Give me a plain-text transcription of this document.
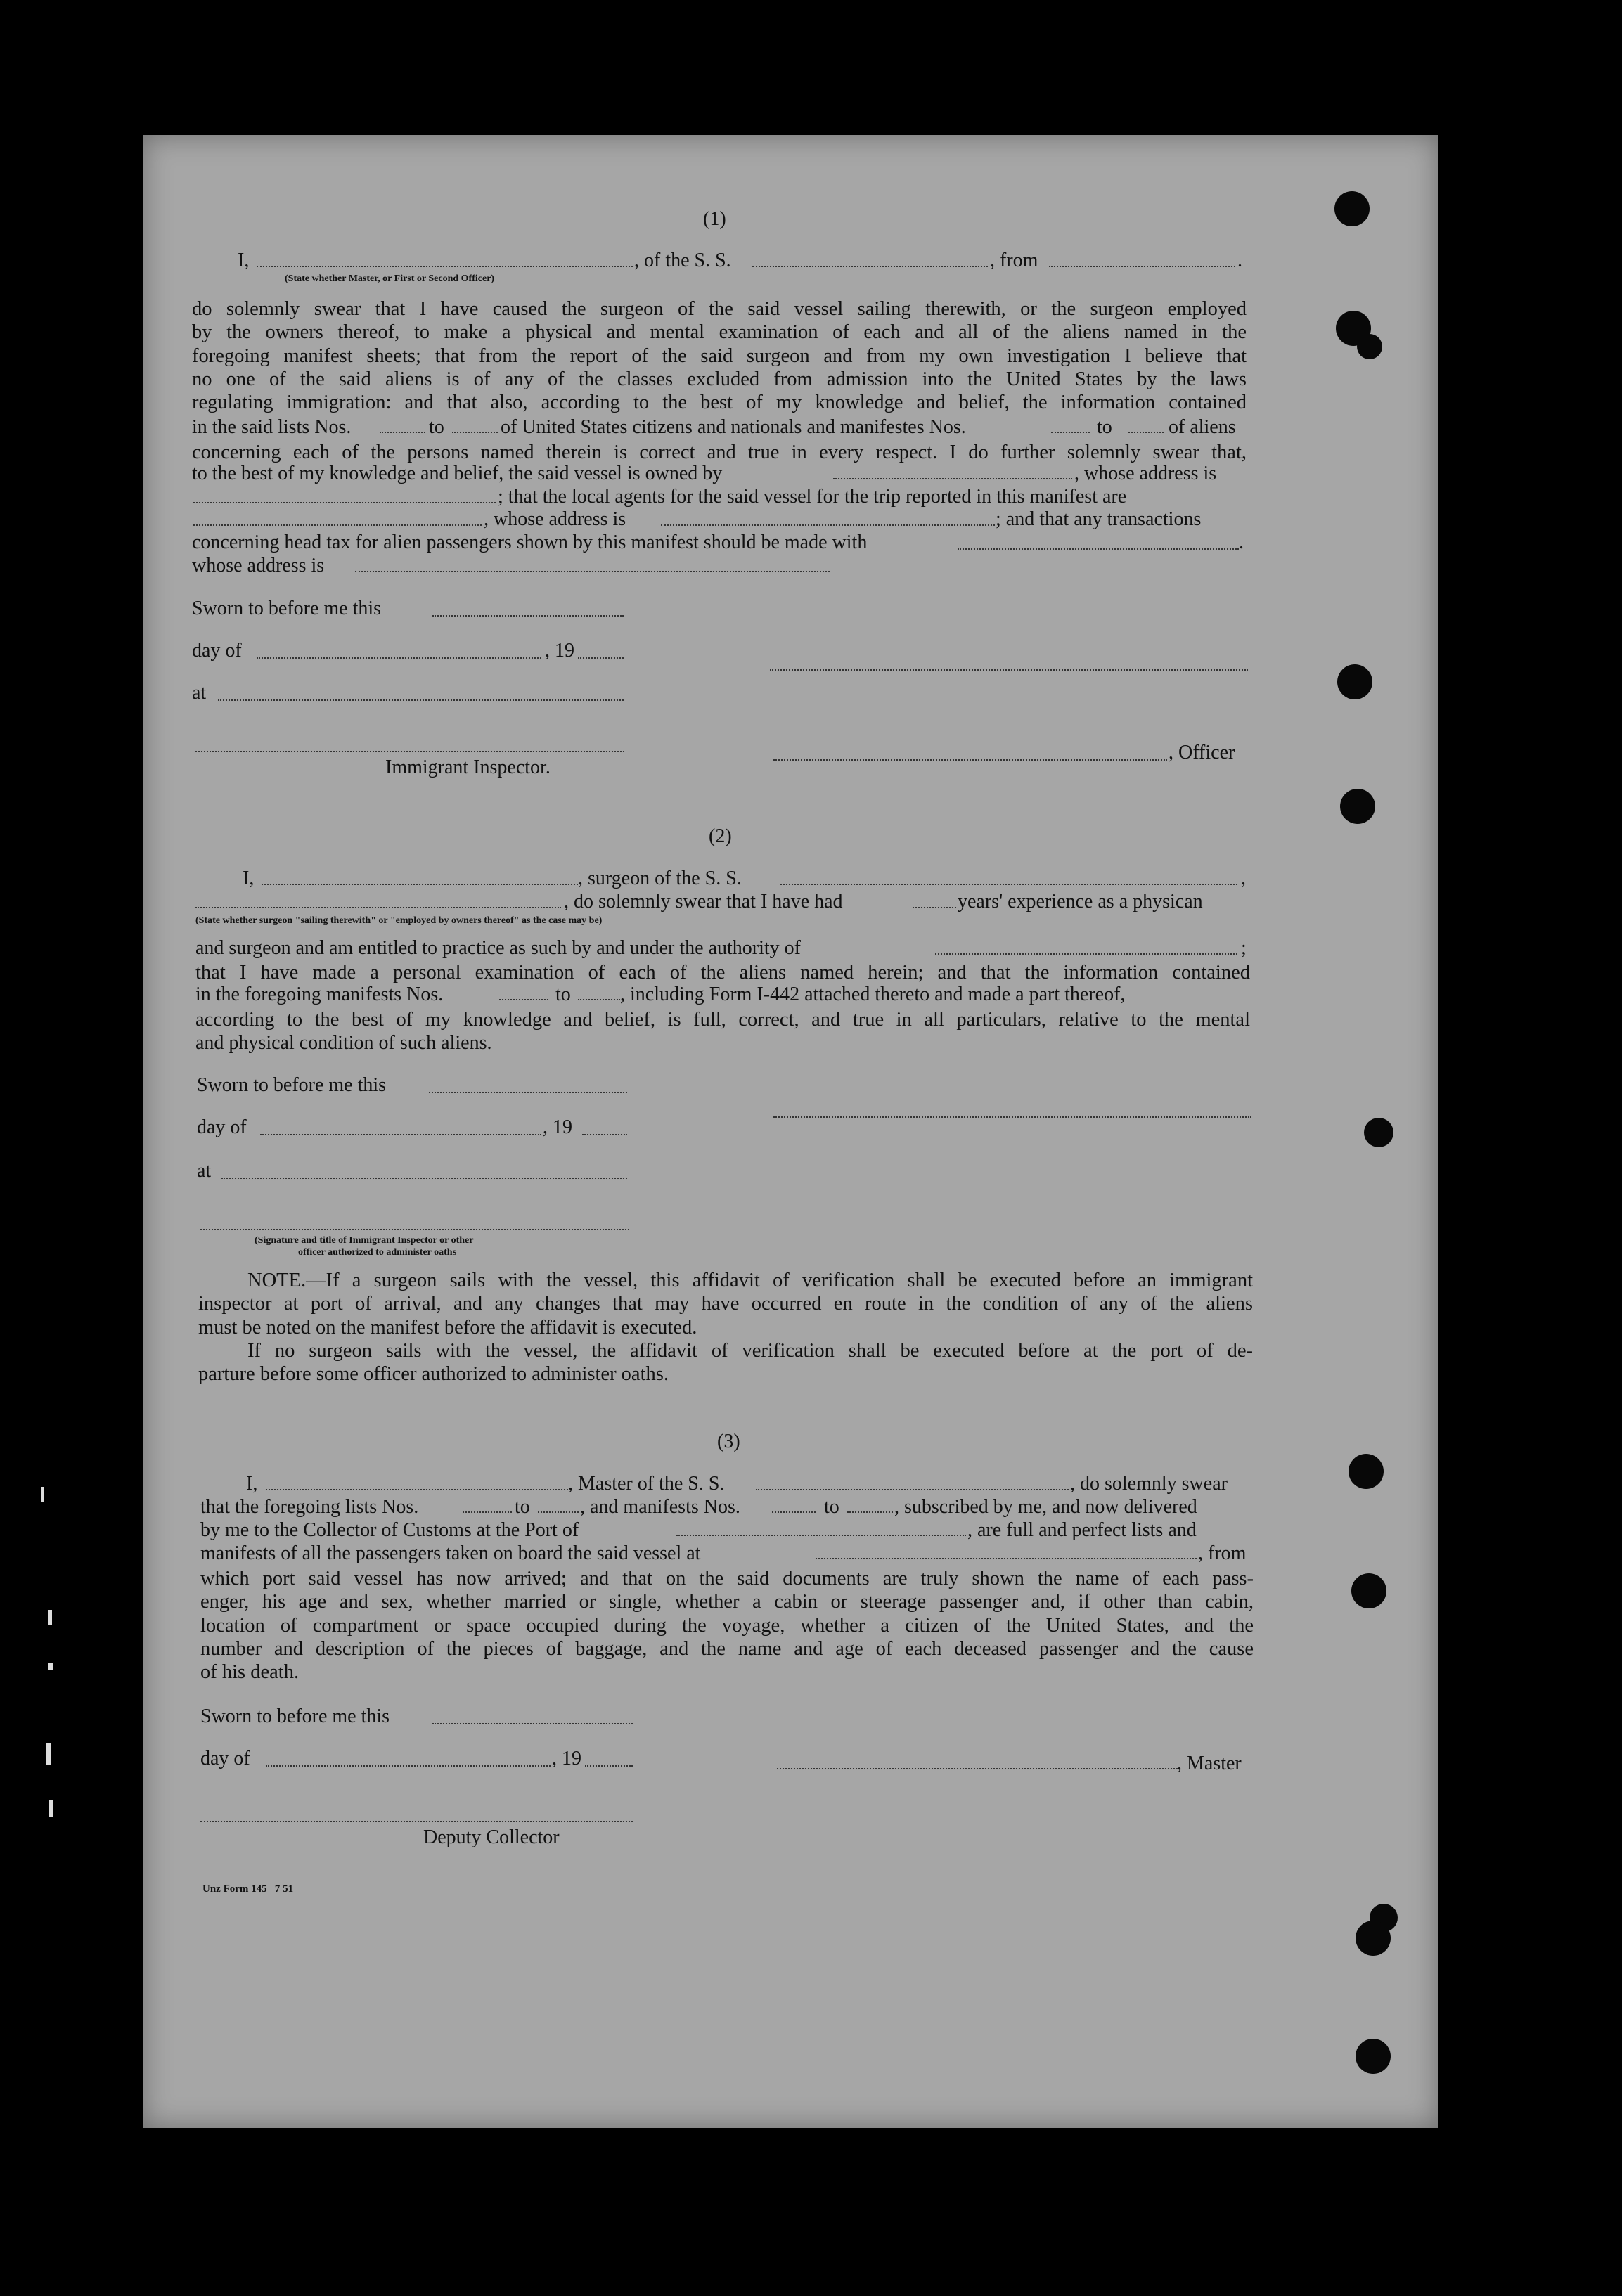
(1)
I,	, of the S. S.	, from	.
(State whether Master, or First or Second Officer)
do solemnly swear that I have caused the surgeon of the said vessel sailing therewith, or the surgeon employed
by the owners thereof, to make a physical and mental examination of each and all of the aliens named in the
foregoing manifest sheets; that from the report of the said surgeon and from my own investigation I believe that
no one of the said aliens is of any of the classes excluded from admission into the United States by the laws
regulating immigration: and that also, according to the best of my knowledge and belief, the information contained
in the said lists Nos.	to	of United States citizens and nationals and manifestes Nos.	to	of aliens
concerning each of the persons named therein is correct and true in every respect. I do further solemnly swear that,
to the best of my knowledge and belief, the said vessel is owned by	, whose address is
; that the local agents for the said vessel for the trip reported in this manifest are
, whose address is	; and that any transactions
concerning head tax for alien passengers shown by this manifest should be made with	.
whose address is
Sworn to before me this
day of	, 19
at
, Officer
Immigrant Inspector.
(2)
I,	, surgeon of the S. S.	,
, do solemnly swear that I have had	years' experience as a physican
(State whether surgeon "sailing therewith" or "employed by owners thereof" as the case may be)
and surgeon and am entitled to practice as such by and under the authority of	;
that I have made a personal examination of each of the aliens named herein; and that the information contained
in the foregoing manifests Nos.	to	, including Form I-442 attached thereto and made a part thereof,
according to the best of my knowledge and belief, is full, correct, and true in all particulars, relative to the mental
and physical condition of such aliens.
Sworn to before me this
day of	, 19
at
(Signature and title of Immigrant Inspector or other
officer authorized to administer oaths
NOTE.—If a surgeon sails with the vessel, this affidavit of verification shall be executed before an immigrant
inspector at port of arrival, and any changes that may have occurred en route in the condition of any of the aliens
must be noted on the manifest before the affidavit is executed.
If no surgeon sails with the vessel, the affidavit of verification shall be executed before at the port of de-
parture before some officer authorized to administer oaths.
(3)
I,	, Master of the S. S.	, do solemnly swear
that the foregoing lists Nos.	to	, and manifests Nos.	to	, subscribed by me, and now delivered
by me to the Collector of Customs at the Port of	, are full and perfect lists and
manifests of all the passengers taken on board the said vessel at	, from
which port said vessel has now arrived; and that on the said documents are truly shown the name of each pass-
enger, his age and sex, whether married or single, whether a cabin or steerage passenger and, if other than cabin,
location of compartment or space occupied during the voyage, whether a citizen of the United States, and the
number and description of the pieces of baggage, and the name and age of each deceased passenger and the cause
of his death.
Sworn to before me this
day of	, 19	, Master
Deputy Collector
Unz Form 145   7 51
